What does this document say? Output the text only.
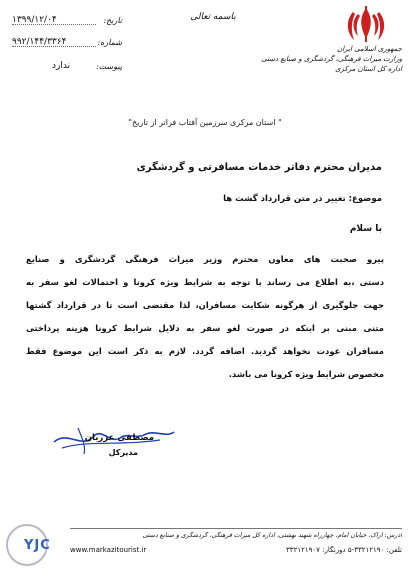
جمهوری اسلامی ایران
وزارت میراث فرهنگی، گردشگری و صنایع دستی
اداره کل استان مرکزی
باسمه تعالی
تاریخ:
۱۳۹۹/۱۲/۰۴
شماره:
۹۹۲/۱۴۴/۳۳۶۴
پیوست:
ندارد
" استان مرکزی سرزمین آفتاب فراتر از تاریخ"
مدیران محترم دفاتر خدمات مسافرتی و گردشگری
موضوع: تغییر در متن قرارداد گشت ها
با سلام
پیرو صحبت های معاون محترم وزیر میراث فرهنگی گردشگری و صنایع
دستی ،به اطلاع می رساند با توجه به شرایط ویژه کرونا و احتمالات لغو سفر به
جهت جلوگیری از هرگونه شکایت مسافران، لذا مقتضی است تا در قرارداد گشتها
متنی مبنی بر اینکه در صورت لغو سفر به دلایل شرایط کرونا هزینه پرداختی
مسافران عودت نخواهد گردید. اضافه گردد. لازم به ذکر است این موضوع فقط
مخصوص شرایط ویژه کرونا می باشد.
مصطفی عزریان
مدیرکل
آدرس: اراک، خیابان امام، چهارراه شهید بهشتی، اداره کل میراث فرهنگی، گردشگری و صنایع دستی
www.markazitourist.ir	تلفن: ۳۳۲۱۲۱۹۰-۵ دورنگار: ۳۳۲۱۲۱۹۰۷
YJC
